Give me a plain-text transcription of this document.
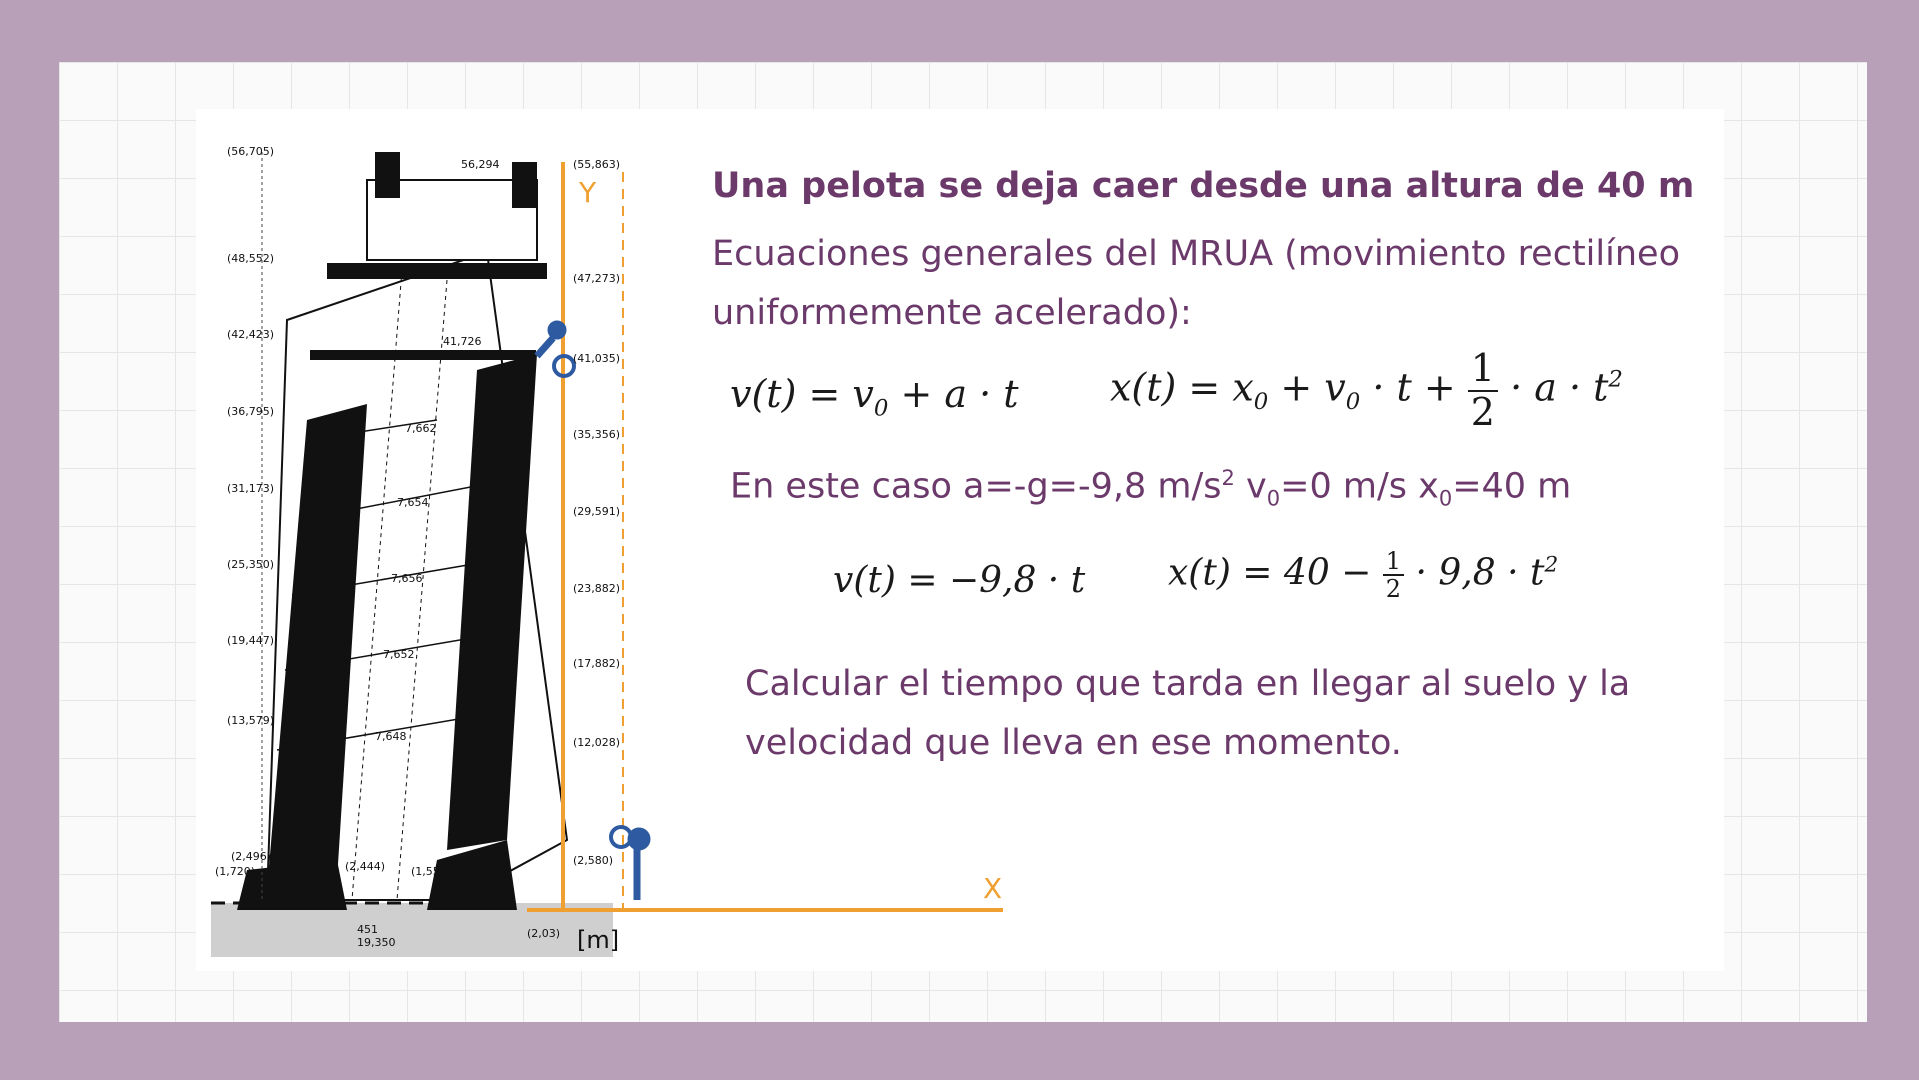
Y
X
[m]
(56,705)
(48,552)
(42,423)
(36,795)
(31,173)
(25,350)
(19,447)
(13,579)
(2,496)
(1,720)
(55,863)
(47,273)
(41,035)
(35,356)
(29,591)
(23,882)
(17,882)
(12,028)
(2,580)
(2,03)
56,294
41,726
7,662
7,654
7,656
7,652
7,648
(2,444) (1,555)
451
19,350
Una pelota se deja caer desde una altura de 40 m
Ecuaciones generales del MRUA (movimiento rectilíneo uniformemente acelerado):
$v(t) = v_0 + a \cdot t$ $x(t) = x_0 + v_0 \cdot t + \frac{1}{2} \cdot a \cdot t^2$
En este caso a=-g=-9,8 $m/s^2$ $v_0=0$ m/s $x_0=40$ m
v(t) = −9,8 · t $x(t) = 40 - \frac{1}{2} \cdot 9,8 \cdot t^2$
Calcular el tiempo que tarda en llegar al suelo y la velocidad que lleva en ese momento.
